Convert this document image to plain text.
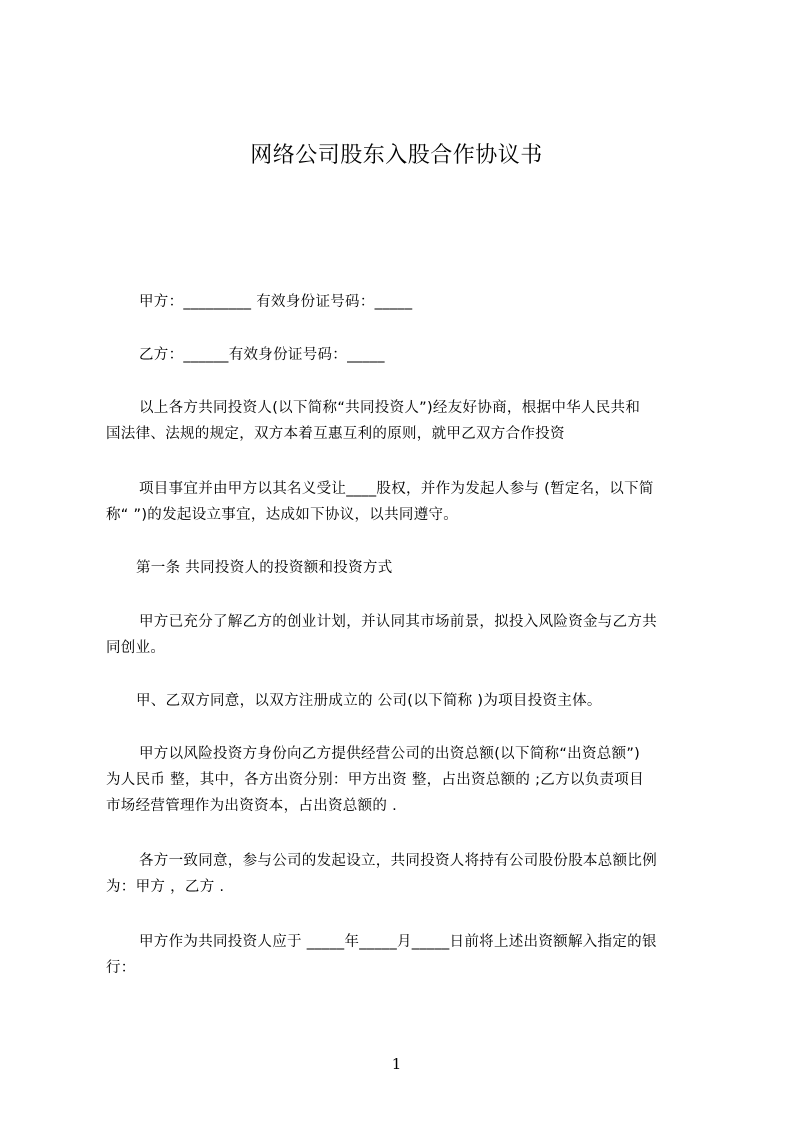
网络公司股东入股合作协议书
甲方：_________ 有效身份证号码：_____
乙方：______有效身份证号码：_____
以上各方共同投资人(以下简称“共同投资人”)经友好协商，根据中华人民共和
国法律、法规的规定，双方本着互惠互利的原则，就甲乙双方合作投资
项目事宜并由甲方以其名义受让____股权，并作为发起人参与 (暂定名，以下简
称“ ”)的发起设立事宜，达成如下协议，以共同遵守。
第一条 共同投资人的投资额和投资方式
甲方已充分了解乙方的创业计划，并认同其市场前景，拟投入风险资金与乙方共
同创业。
甲、乙双方同意，以双方注册成立的 公司(以下简称 )为项目投资主体。
甲方以风险投资方身份向乙方提供经营公司的出资总额(以下简称“出资总额”)
为人民币 整，其中，各方出资分别：甲方出资 整，占出资总额的 ;乙方以负责项目
市场经营管理作为出资资本，占出资总额的 .
各方一致同意，参与公司的发起设立，共同投资人将持有公司股份股本总额比例
为：甲方 ，乙方 .
甲方作为共同投资人应于 _____年_____月_____日前将上述出资额解入指定的银
行：
1
